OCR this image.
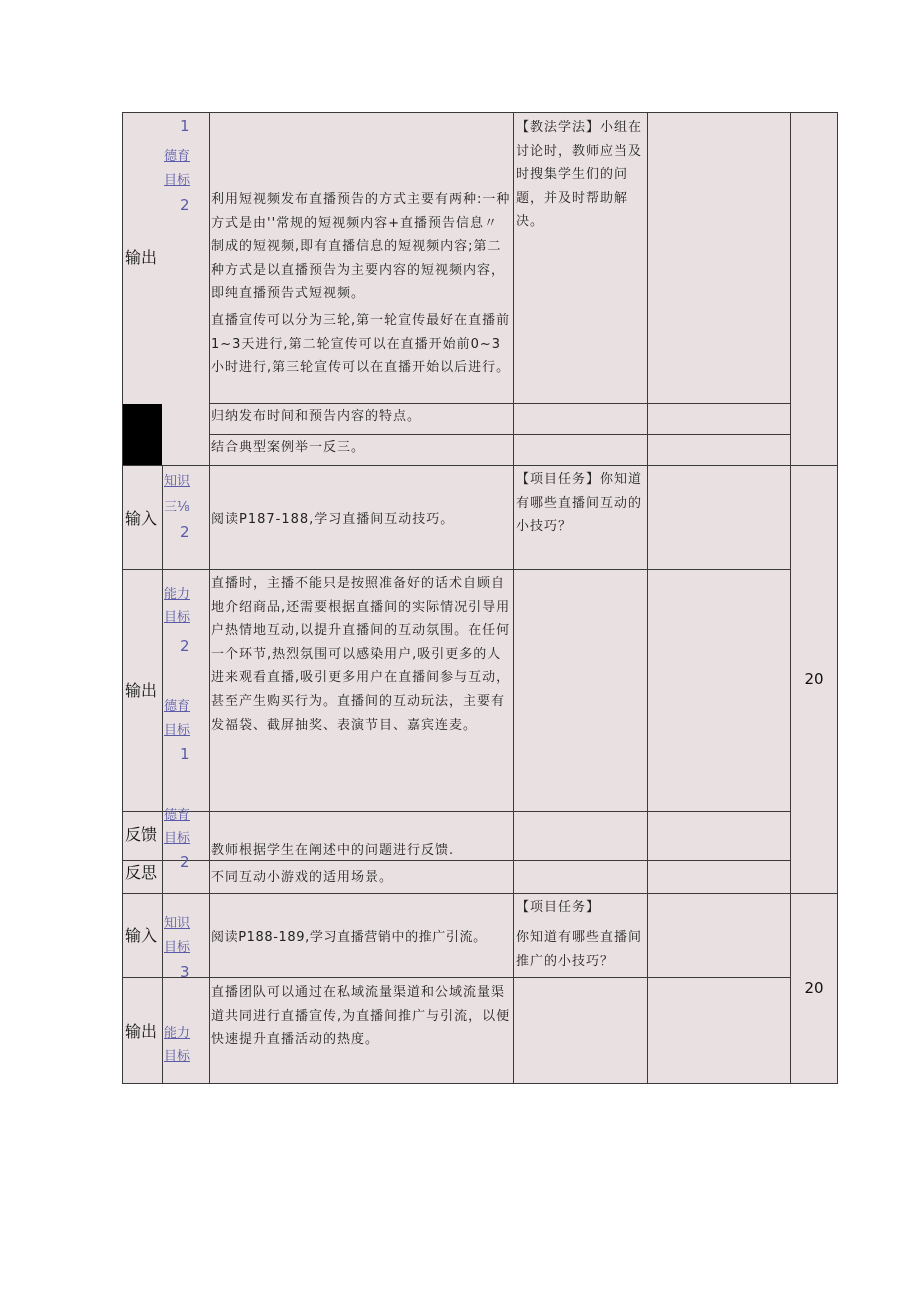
输出
1
德育
目标
2 利用短视频发布直播预告的方式主要有两种:一种方式是由''常规的短视频内容+直播预告信息〃制成的短视频,即有直播信息的短视频内容;第二种方式是以直播预告为主要内容的短视频内容，即纯直播预告式短视频。
直播宣传可以分为三轮,第一轮宣传最好在直播前1~3天进行,第二轮宣传可以在直播开始前0~3小时进行,第三轮宣传可以在直播开始以后进行。
【教法学法】小组在讨论时，教师应当及时搜集学生们的问题，并及时帮助解决。
归纳发布时间和预告内容的特点。
结合典型案例举一反三。
输入
知识
三⅛
2
阅读P187-188,学习直播间互动技巧。
【项目任务】你知道有哪些直播间互动的小技巧？
输出
能力
目标
2
德育
目标
1
直播时，主播不能只是按照准备好的话术自顾自地介绍商品,还需要根据直播间的实际情况引导用户热情地互动,以提升直播间的互动氛围。在任何一个环节,热烈氛围可以感染用户,吸引更多的人进来观看直播,吸引更多用户在直播间参与互动，甚至产生购买行为。直播间的互动玩法，主要有发福袋、截屏抽奖、表演节目、嘉宾连麦。
反馈
德育
目标
2
教师根据学生在阐述中的问题进行反馈.
反思	不同互动小游戏的适用场景。
20
输入
知识
目标
3
阅读P188-189,学习直播营销中的推广引流。
【项目任务】
你知道有哪些直播间推广的小技巧？
输出 能力
目标
直播团队可以通过在私域流量渠道和公域流量渠道共同进行直播宣传,为直播间推广与引流，以便快速提升直播活动的热度。
20
